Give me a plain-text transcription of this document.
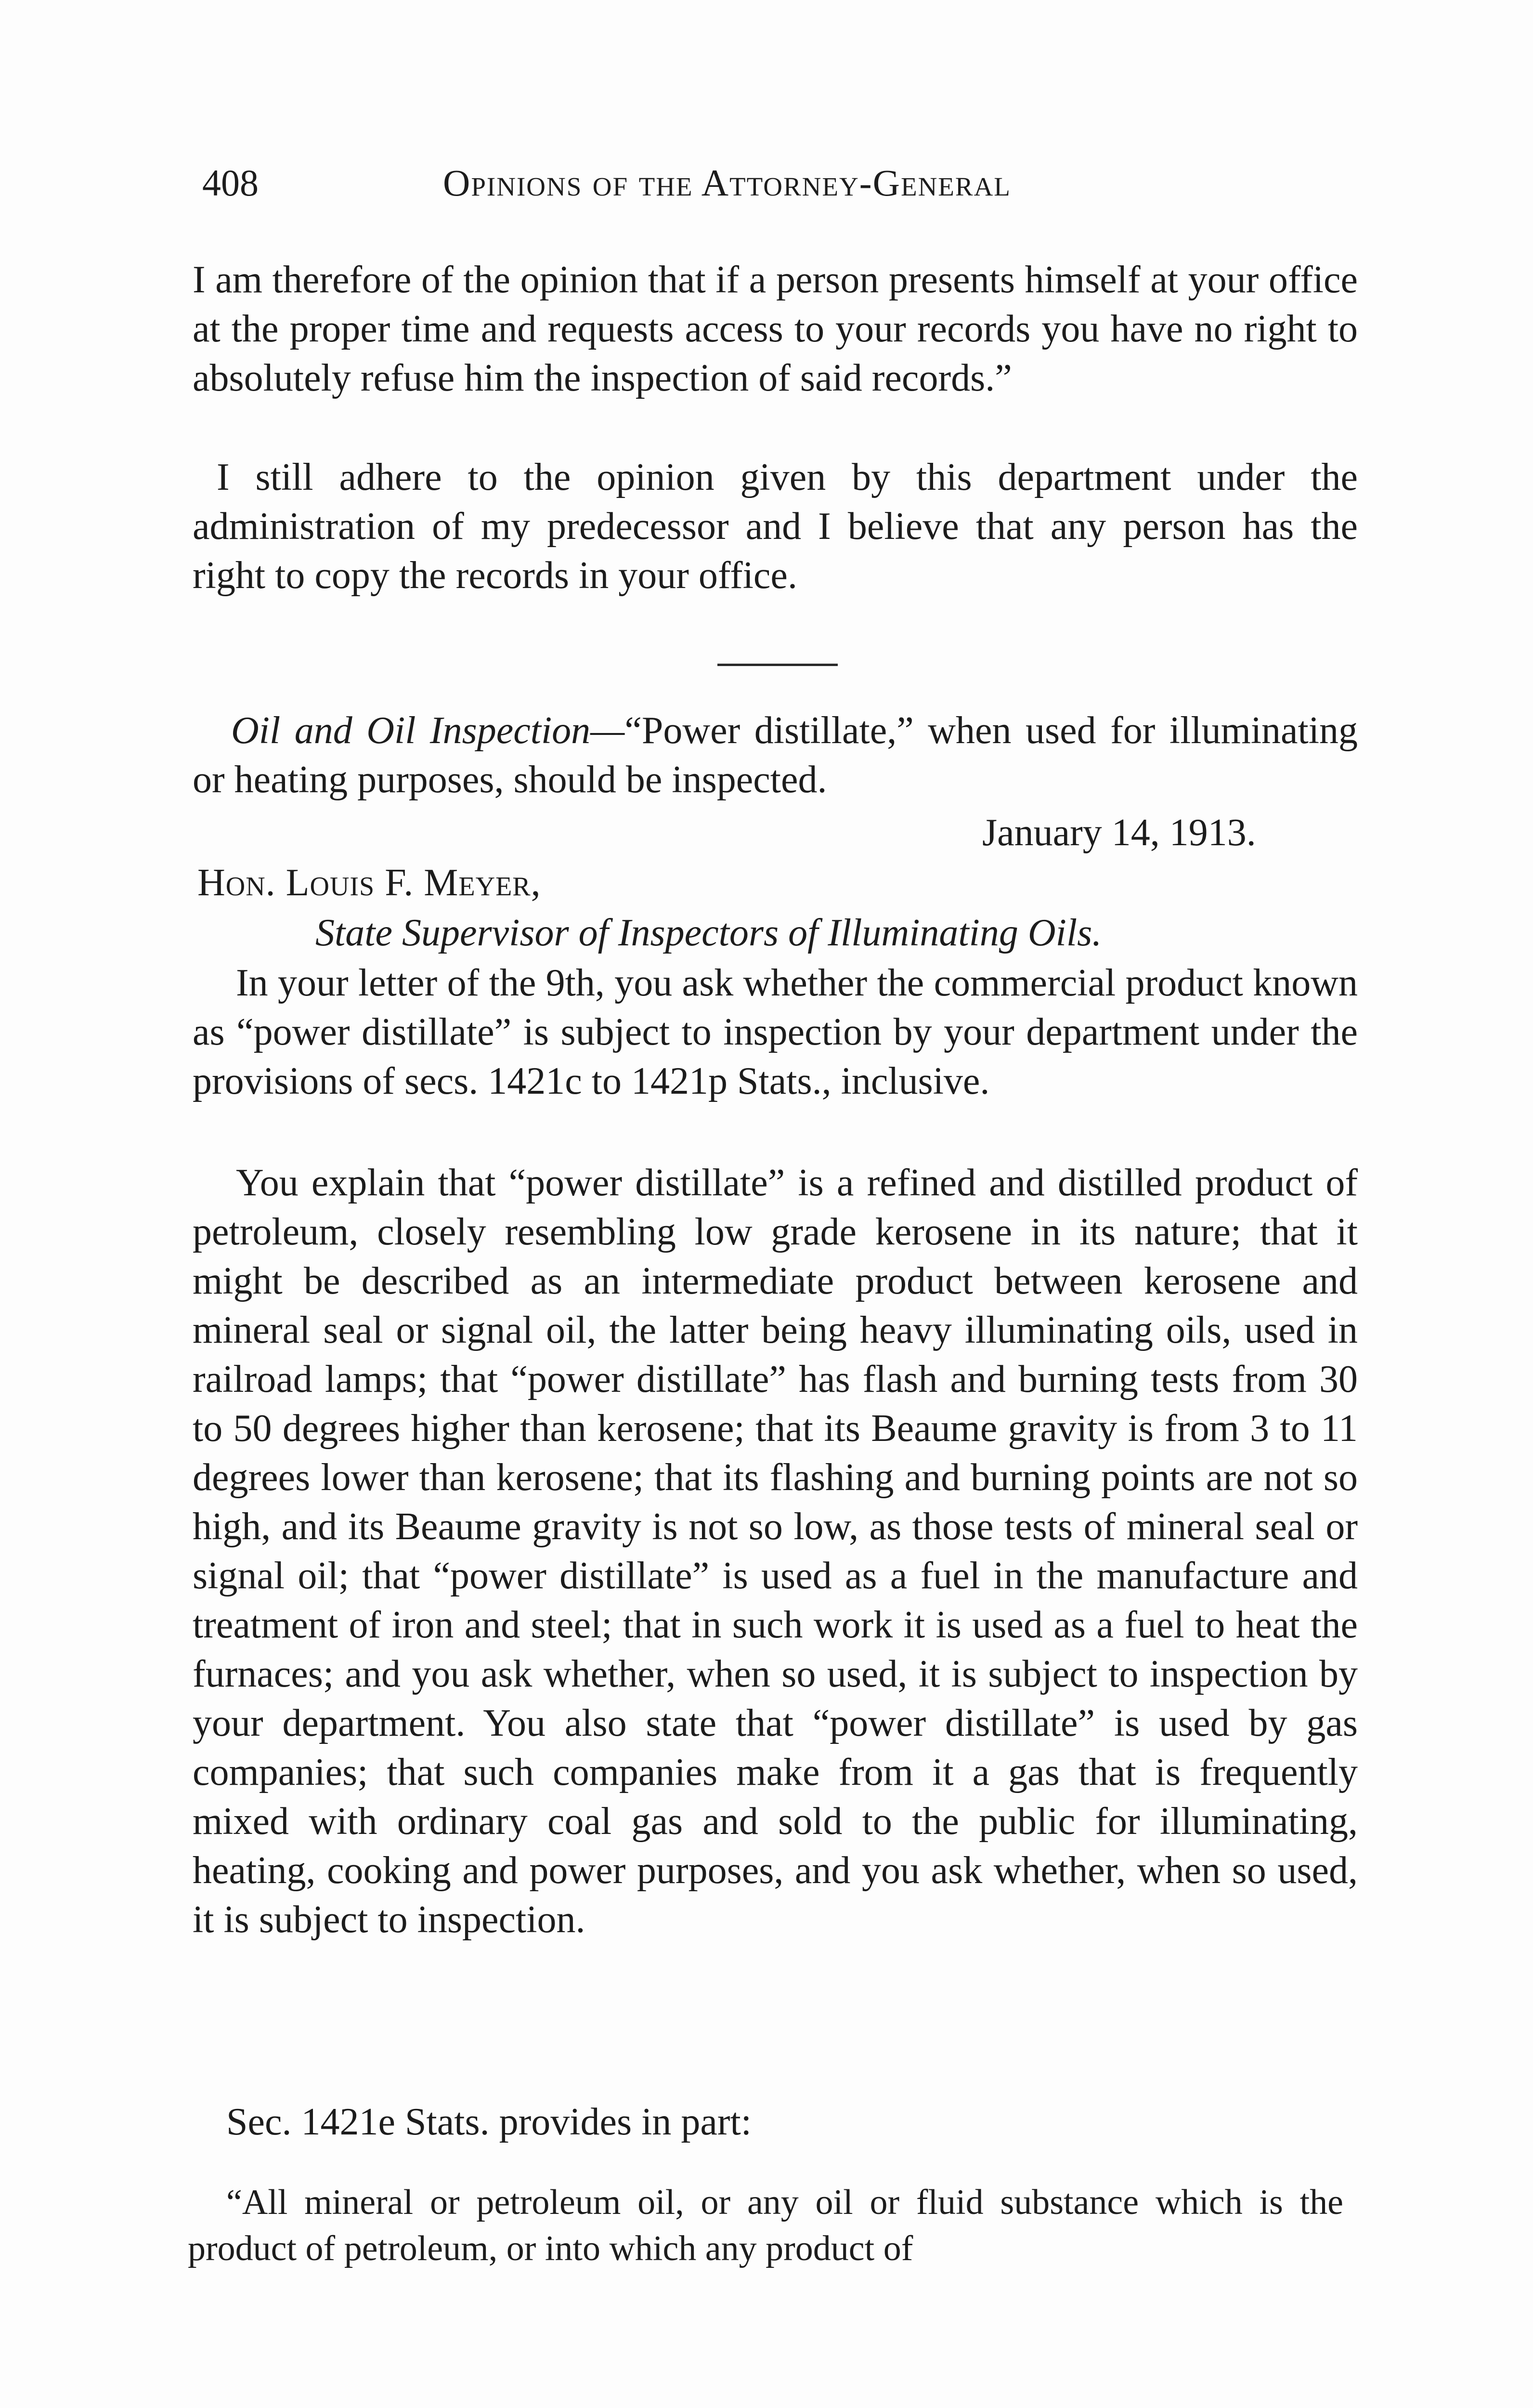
408	Opinions of the Attorney-General

I am therefore of the opinion that if a person presents himself at your office at the proper time and requests access to your records you have no right to absolutely refuse him the inspection of said records.”

I still adhere to the opinion given by this department under the administration of my predecessor and I believe that any person has the right to copy the records in your office.

Oil and Oil Inspection—“Power distillate,” when used for illuminating or heating purposes, should be inspected.

January 14, 1913.
Hon. Louis F. Meyer,
State Supervisor of Inspectors of Illuminating Oils.

In your letter of the 9th, you ask whether the commercial product known as “power distillate” is subject to inspection by your department under the provisions of secs. 1421c to 1421p Stats., inclusive.

You explain that “power distillate” is a refined and distilled product of petroleum, closely resembling low grade kerosene in its nature; that it might be described as an intermediate product between kerosene and mineral seal or signal oil, the latter being heavy illuminating oils, used in railroad lamps; that “power distillate” has flash and burning tests from 30 to 50 degrees higher than kerosene; that its Beaume gravity is from 3 to 11 degrees lower than kerosene; that its flashing and burning points are not so high, and its Beaume gravity is not so low, as those tests of mineral seal or signal oil; that “power distillate” is used as a fuel in the manufacture and treatment of iron and steel; that in such work it is used as a fuel to heat the furnaces; and you ask whether, when so used, it is subject to inspection by your department. You also state that “power distillate” is used by gas companies; that such companies make from it a gas that is frequently mixed with ordinary coal gas and sold to the public for illuminating, heating, cooking and power purposes, and you ask whether, when so used, it is subject to inspection.

Sec. 1421e Stats. provides in part:

“All mineral or petroleum oil, or any oil or fluid substance which is the product of petroleum, or into which any product of
